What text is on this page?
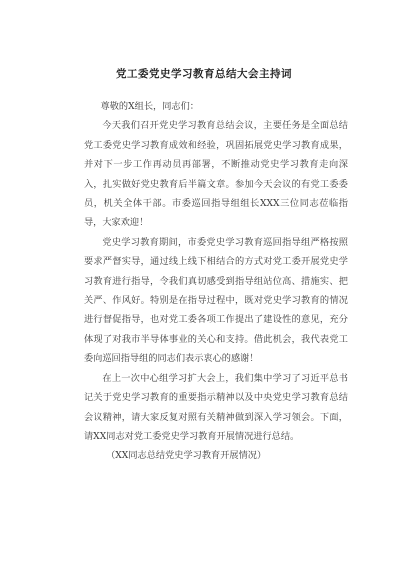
党工委党史学习教育总结大会主持词

尊敬的X组长，同志们：

今天我们召开党史学习教育总结会议，主要任务是全面总结党工委党史学习教育成效和经验，巩固拓展党史学习教育成果，并对下一步工作再动员再部署，不断推动党史学习教育走向深入，扎实做好党史教育后半篇文章。参加今天会议的有党工委委员，机关全体干部。市委巡回指导组组长XXX三位同志莅临指导，大家欢迎！

党史学习教育期间，市委党史学习教育巡回指导组严格按照要求严督实导，通过线上线下相结合的方式对党工委开展党史学习教育进行指导，令我们真切感受到指导组站位高、措施实、把关严、作风好。特别是在指导过程中，既对党史学习教育的情况进行督促指导，也对党工委各项工作提出了建设性的意见，充分体现了对我市半导体事业的关心和支持。借此机会，我代表党工委向巡回指导组的同志们表示衷心的感谢！

在上一次中心组学习扩大会上，我们集中学习了习近平总书记关于党史学习教育的重要指示精神以及中央党史学习教育总结会议精神，请大家反复对照有关精神做到深入学习领会。下面，请XX同志对党工委党史学习教育开展情况进行总结。

（XX同志总结党史学习教育开展情况）
